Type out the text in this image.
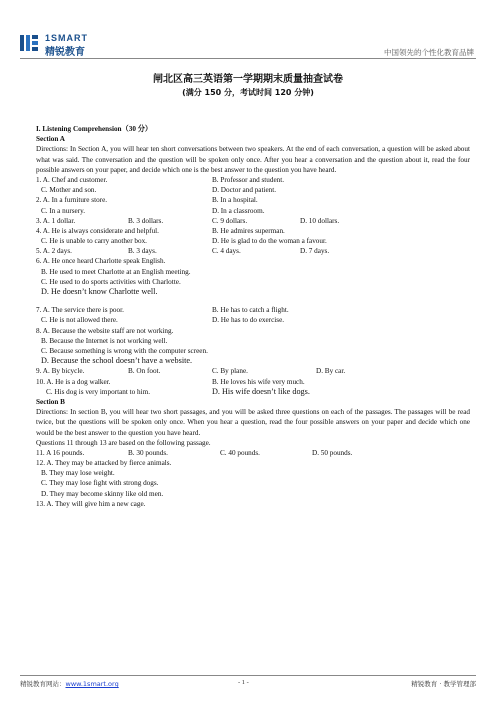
1SMART
精锐教育	中国领先的个性化教育品牌
闸北区高三英语第一学期期末质量抽查试卷
(满分 150 分，考试时间 120 分钟)
I. Listening Comprehension（30 分）
Section A
Directions: In Section A, you will hear ten short conversations between two speakers. At the end of each conversation, a question will be asked about what was said. The conversation and the question will be spoken only once. After you hear a conversation and the question about it, read the four possible answers on your paper, and decide which one is the best answer to the question you have heard.
1. A. Chef and customer.	B. Professor and student.
C. Mother and son.	D. Doctor and patient.
2. A. In a furniture store.	B. In a hospital.
C. In a nursery.	D. In a classroom.
3. A. 1 dollar.	B. 3 dollars.	C. 9 dollars.	D. 10 dollars.
4. A. He is always considerate and helpful.	B. He admires superman.
C. He is unable to carry another box.	D. He is glad to do the woman a favour.
5. A. 2 days.	B. 3 days.	C. 4 days.	D. 7 days.
6. A. He once heard Charlotte speak English.
B. He used to meet Charlotte at an English meeting.
C. He used to do sports activities with Charlotte.
D. He doesn’t know Charlotte well.
7. A. The service there is poor.	B. He has to catch a flight.
C. He is not allowed there.	D. He has to do exercise.
8. A. Because the website staff are not working.
B. Because the Internet is not working well.
C. Because something is wrong with the computer screen.
D. Because the school doesn’t have a website.
9. A. By bicycle.	B. On foot.	C. By plane.	D. By car.
10. A. He is a dog walker.	B. He loves his wife very much.
C. His dog is very important to him.	D. His wife doesn’t like dogs.
Section B
Directions: In section B, you will hear two short passages, and you will be asked three questions on each of the passages. The passages will be read twice, but the questions will be spoken only once. When you hear a question, read the four possible answers on your paper and decide which one would be the best answer to the question you have heard.
Questions 11 through 13 are based on the following passage.
11. A 16 pounds.	B. 30 pounds.	C. 40 pounds.	D. 50 pounds.
12. A. They may be attacked by fierce animals.
B. They may lose weight.
C. They may lose fight with strong dogs.
D. They may become skinny like old men.
13. A. They will give him a new cage.
精锐教育网站：www.1smart.org	- 1 -	精锐教育 · 教学管理部
